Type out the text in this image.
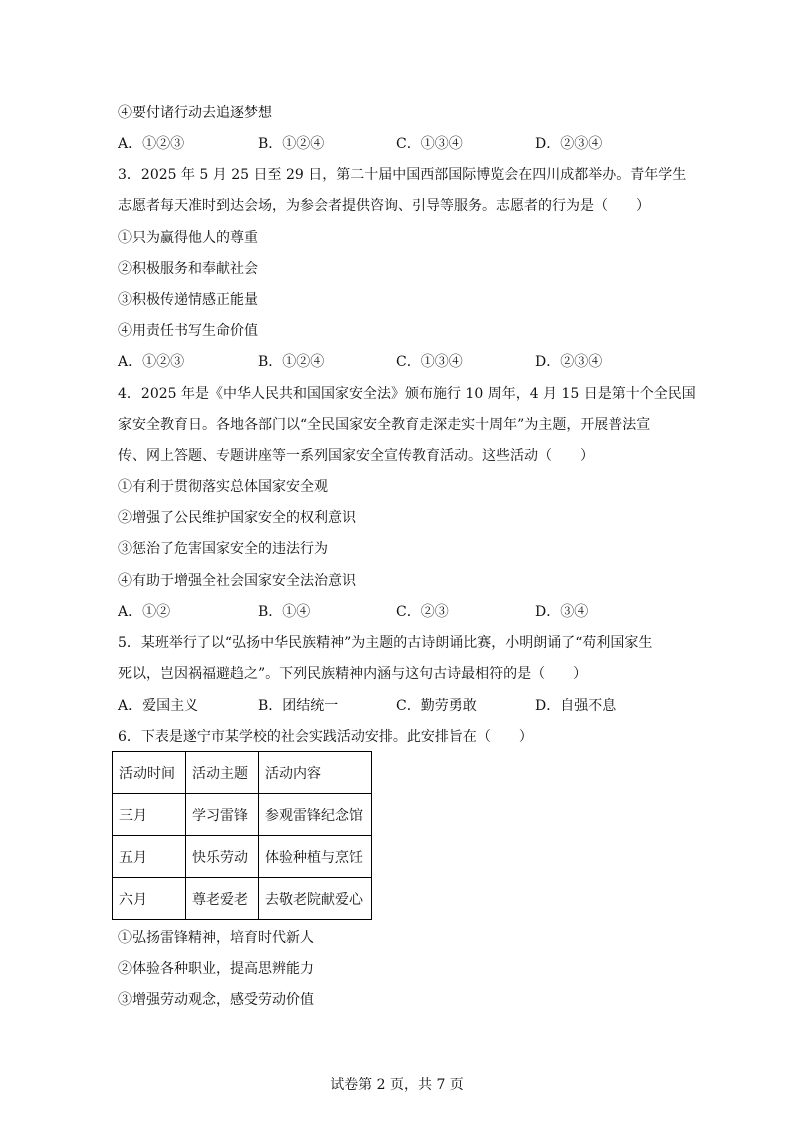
④要付诸行动去追逐梦想
A．①②③	B．①②④	C．①③④	D．②③④
3．2025 年 5 月 25 日至 29 日，第二十届中国西部国际博览会在四川成都举办。青年学生
志愿者每天准时到达会场，为参会者提供咨询、引导等服务。志愿者的行为是（　　）
①只为赢得他人的尊重
②积极服务和奉献社会
③积极传递情感正能量
④用责任书写生命价值
A．①②③	B．①②④	C．①③④	D．②③④
4．2025 年是《中华人民共和国国家安全法》颁布施行 10 周年，4 月 15 日是第十个全民国
家安全教育日。各地各部门以“全民国家安全教育走深走实十周年”为主题，开展普法宣
传、网上答题、专题讲座等一系列国家安全宣传教育活动。这些活动（　　）
①有利于贯彻落实总体国家安全观
②增强了公民维护国家安全的权利意识
③惩治了危害国家安全的违法行为
④有助于增强全社会国家安全法治意识
A．①②	B．①④	C．②③	D．③④
5．某班举行了以“弘扬中华民族精神”为主题的古诗朗诵比赛，小明朗诵了“苟利国家生
死以，岂因祸福避趋之”。下列民族精神内涵与这句古诗最相符的是（　　）
A．爱国主义	B．团结统一	C．勤劳勇敢	D．自强不息
6．下表是遂宁市某学校的社会实践活动安排。此安排旨在（　　）
活动时间	活动主题	活动内容
三月	学习雷锋	参观雷锋纪念馆
五月	快乐劳动	体验种植与烹饪
六月	尊老爱老	去敬老院献爱心
①弘扬雷锋精神，培育时代新人
②体验各种职业，提高思辨能力
③增强劳动观念，感受劳动价值
试卷第 2 页，共 7 页
